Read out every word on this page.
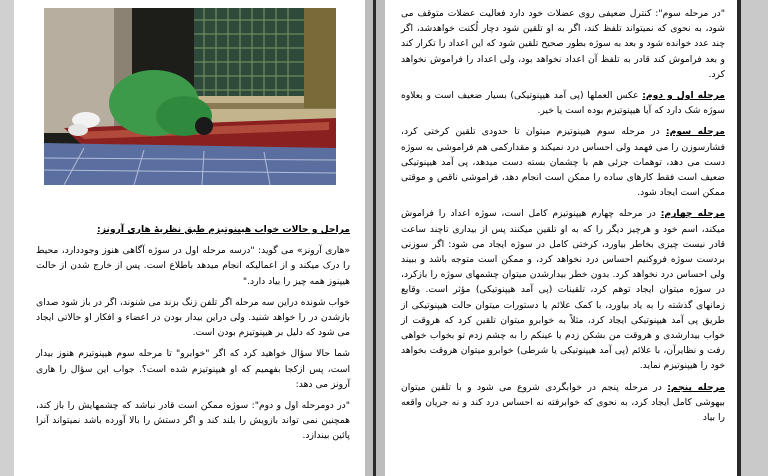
مراحل و حالات خواب هیپنوتیزم طبق نظریهٔ هاری آرونز:

«هاری آرونز» می گوید: "درسه مرحله اول در سوژه آگاهی هنوز وجوددارد، محیط را درک میکند و از اعمالیکه انجام میدهد باطلاع است. پس از خارج شدن از حالت هیپنوز همه چیز را بیاد دارد."

خواب شونده دراین سه مرحله اگر تلفن زنگ بزند می شنوند، اگر در باز شود صدای بازشدن در را خواهد شنید. ولی دراین بیدار بودن در اعضاء و افکار او حالاتی ایجاد می شود که دلیل بر هیپنوتیزم بودن است.

شما حالا سؤال خواهید کرد که اگر "خوابرو" تا مرحله سوم هیپنوتیزم هنوز بیدار است، پس ازکجا بفهمیم که او هیپنوتیزم شده است؟. جواب این سؤال را هاری آرونز می دهد:

"در دومرحله اول و دوم": سوژه ممکن است قادر نباشد که چشمهایش را باز کند، همچنین نمی تواند بازویش را بلند کند و اگر دستش را بالا آورده باشد نمیتواند آنرا پائین بیندازد.

"در مرحله سوم": کنترل ضعیفی روی عضلات خود دارد فعالیت عضلات متوقف می شود، به نحوی که نمیتواند تلفظ کند، اگر به او تلقین شود دچار لُکنت خواهدشد، اگر چند عدد خوانده شود و بعد به سوژه بطور صحیح تلقین شود که این اعداد را تکرار کند و بعد فراموش کند قادر به تلفظ آن اعداد نخواهد بود، ولی اعداد را فراموش نخواهد کرد.

مرحله اول و دوم: عکس العملها (پی آمد هیپنوتیکی) بسیار ضعیف است و بعلاوه سوژه شک دارد که آیا هیپنوتیزم بوده است یا خیر.

مرحله سوم: در مرحله سوم هیپنوتیزم میتوان تا حدودی تلقین کرختی کرد، فشارسوزن را می فهمد ولی احساس درد نمیکند و مقدارکمی هم فراموشی به سوژه دست می دهد، توهمات جزئی هم با چشمان بسته دست میدهد، پی آمد هیپنوتیکی ضعیف است فقط کارهای ساده را ممکن است انجام دهد، فراموشی ناقص و موقتی ممکن است ایجاد شود.

مرحله چهارم: در مرحله چهارم هیپنوتیزم کامل است، سوژه اعداد را فراموش میکند، اسم خود و هرچیز دیگر را که به او تلقین میکنند پس از بیداری تاچند ساعت قادر نیست چیزی بخاطر بیاورد، کرختی کامل در سوژه ایجاد می شود: اگر سوزنی بردست سوژه فروکنیم احساس درد نخواهد کرد، و ممکن است متوجه باشد و ببیند ولی احساس درد نخواهد کرد. بدون خطر بیدارشدن میتوان چشمهای سوژه را بازکرد، در سوژه میتوان ایجاد توهم کرد، تلقینات (پی آمد هیپنوتیکی) مؤثر است. وقایع زمانهای گذشته را به یاد بیاورد، با کمک علائم یا دستورات میتوان حالت هیپنوتیکی از طریق پی آمد هیپنوتیکی ایجاد کرد، مثلاً به خوابرو میتوان تلقین کرد که هروقت از خواب بیدارشدی و هروقت من بشکن زدم یا عینکم را به چشم زدم تو بخواب خواهی رفت و نظایرآن، با علائم (پی آمد هیپنوتیکی یا شرطی) خوابرو میتوان هروقت بخواهد خود را هیپنوتیزم نماید.

مرحله پنجم: در مرحله پنجم در خوابگردی شروع می شود و با تلقین میتوان بیهوشی کامل ایجاد کرد، به نحوی که خوابرفته نه احساس درد کند و نه جریان واقعه را بیاد
